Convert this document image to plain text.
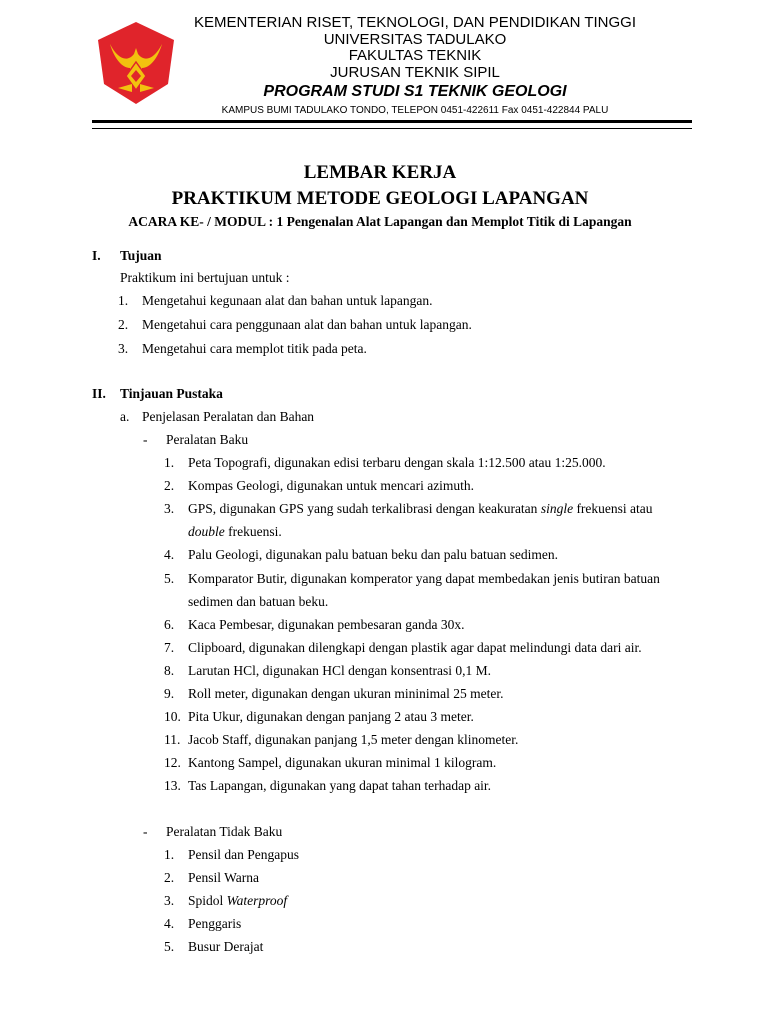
KEMENTERIAN RISET, TEKNOLOGI, DAN PENDIDIKAN TINGGI
UNIVERSITAS TADULAKO
FAKULTAS TEKNIK
JURUSAN TEKNIK SIPIL
PROGRAM STUDI S1 TEKNIK GEOLOGI
KAMPUS BUMI TADULAKO TONDO, TELEPON 0451-422611 Fax 0451-422844 PALU
LEMBAR KERJA
PRAKTIKUM METODE GEOLOGI LAPANGAN
ACARA KE- / MODUL : 1 Pengenalan Alat Lapangan dan Memplot Titik di Lapangan
I. Tujuan
Praktikum ini bertujuan untuk :
1. Mengetahui kegunaan alat dan bahan untuk lapangan.
2. Mengetahui cara penggunaan alat dan bahan untuk lapangan.
3. Mengetahui cara memplot titik pada peta.
II. Tinjauan Pustaka
a. Penjelasan Peralatan dan Bahan
- Peralatan Baku
1. Peta Topografi, digunakan edisi terbaru dengan skala 1:12.500 atau 1:25.000.
2. Kompas Geologi, digunakan untuk mencari azimuth.
3. GPS, digunakan GPS yang sudah terkalibrasi dengan keakuratan single frekuensi atau
double frekuensi.
4. Palu Geologi, digunakan palu batuan beku dan palu batuan sedimen.
5. Komparator Butir, digunakan komperator yang dapat membedakan jenis butiran batuan
sedimen dan batuan beku.
6. Kaca Pembesar, digunakan pembesaran ganda 30x.
7. Clipboard, digunakan dilengkapi dengan plastik agar dapat melindungi data dari air.
8. Larutan HCl, digunakan HCl dengan konsentrasi 0,1 M.
9. Roll meter, digunakan dengan ukuran mininimal 25 meter.
10. Pita Ukur, digunakan dengan panjang 2 atau 3 meter.
11. Jacob Staff, digunakan panjang 1,5 meter dengan klinometer.
12. Kantong Sampel, digunakan ukuran minimal 1 kilogram.
13. Tas Lapangan, digunakan yang dapat tahan terhadap air.
- Peralatan Tidak Baku
1. Pensil dan Pengapus
2. Pensil Warna
3. Spidol Waterproof
4. Penggaris
5. Busur Derajat
